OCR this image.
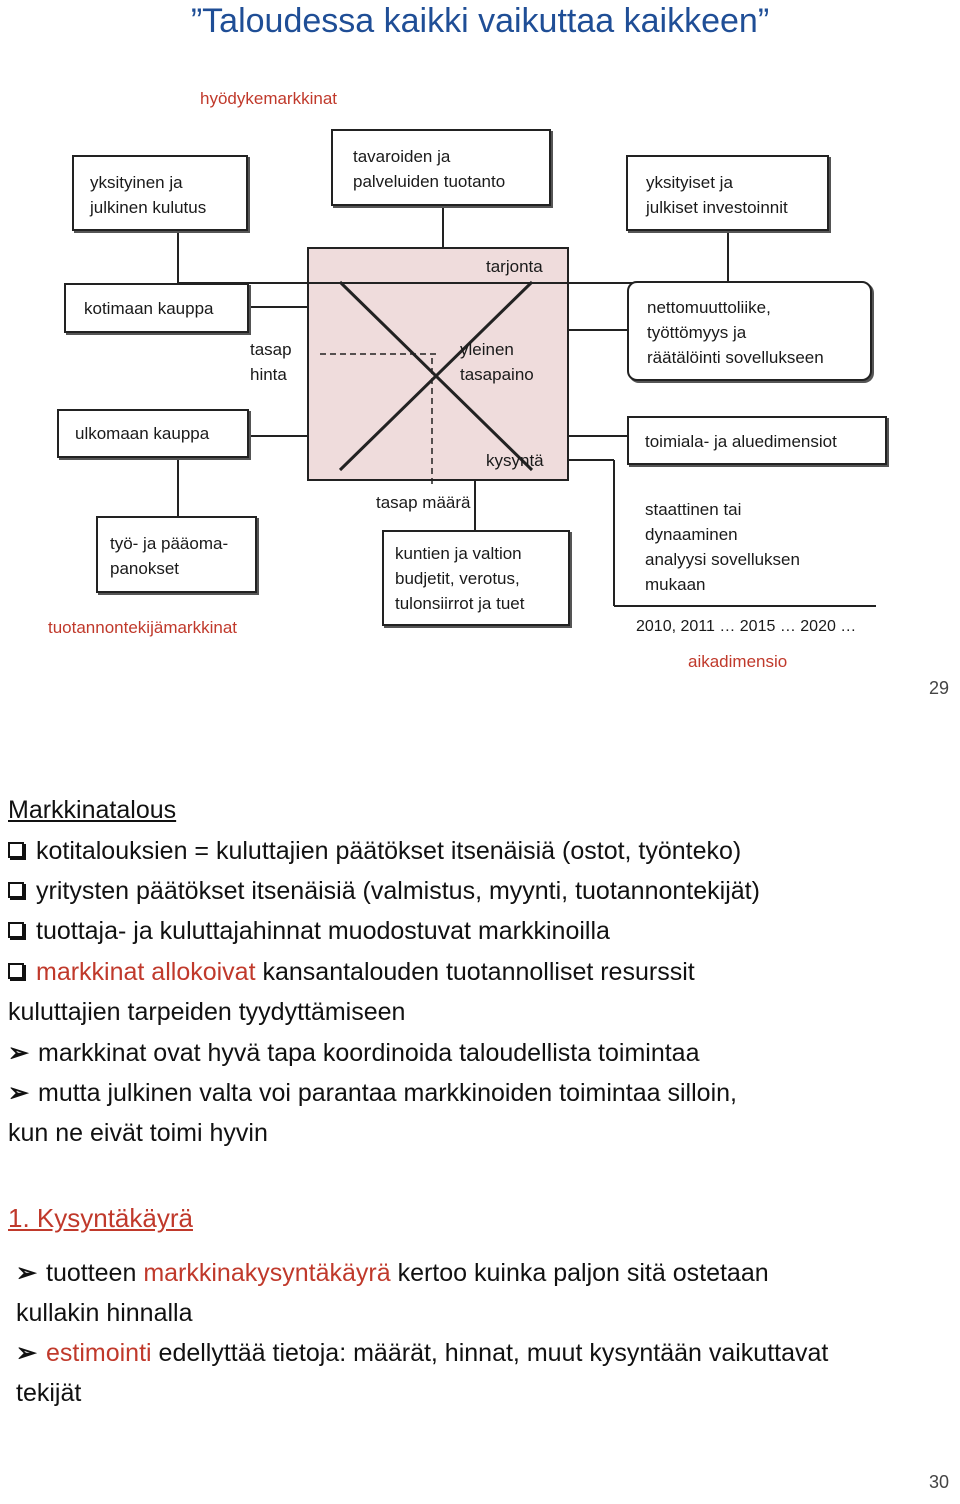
”Taloudessa kaikki vaikuttaa kaikkeen”
hyödykemarkkinat
yksityinen ja
julkinen kulutus
tavaroiden ja
palveluiden tuotanto	yksityiset ja
julkiset investoinnit
tarjonta
kotimaan kauppa
tasap
hinta
yleinen
tasapaino
nettomuuttoliike,
työttömyys ja
räätälöinti sovellukseen
ulkomaan kauppa
kysyntä
toimiala- ja aluedimensiot
työ- ja pääoma-
panokset
tasap määrä
kuntien ja valtion
budjetit, verotus,
tulonsiirrot ja tuet
staattinen tai
dynaaminen
analyysi sovelluksen
mukaan
tuotannontekijämarkkinat	2010, 2011 … 2015 … 2020 …
aikadimensio
29
Markkinatalous
kotitalouksien = kuluttajien päätökset itsenäisiä (ostot, työnteko)
yritysten päätökset itsenäisiä (valmistus, myynti, tuotannontekijät)
tuottaja- ja kuluttajahinnat muodostuvat markkinoilla
markkinat allokoivat kansantalouden tuotannolliset resurssit
kuluttajien tarpeiden tyydyttämiseen
➢ markkinat ovat hyvä tapa koordinoida taloudellista toimintaa
➢ mutta julkinen valta voi parantaa markkinoiden toimintaa silloin,
kun ne eivät toimi hyvin
1. Kysyntäkäyrä
➢ tuotteen markkinakysyntäkäyrä kertoo kuinka paljon sitä ostetaan
kullakin hinnalla
➢ estimointi edellyttää tietoja: määrät, hinnat, muut kysyntään vaikuttavat
tekijät
30
